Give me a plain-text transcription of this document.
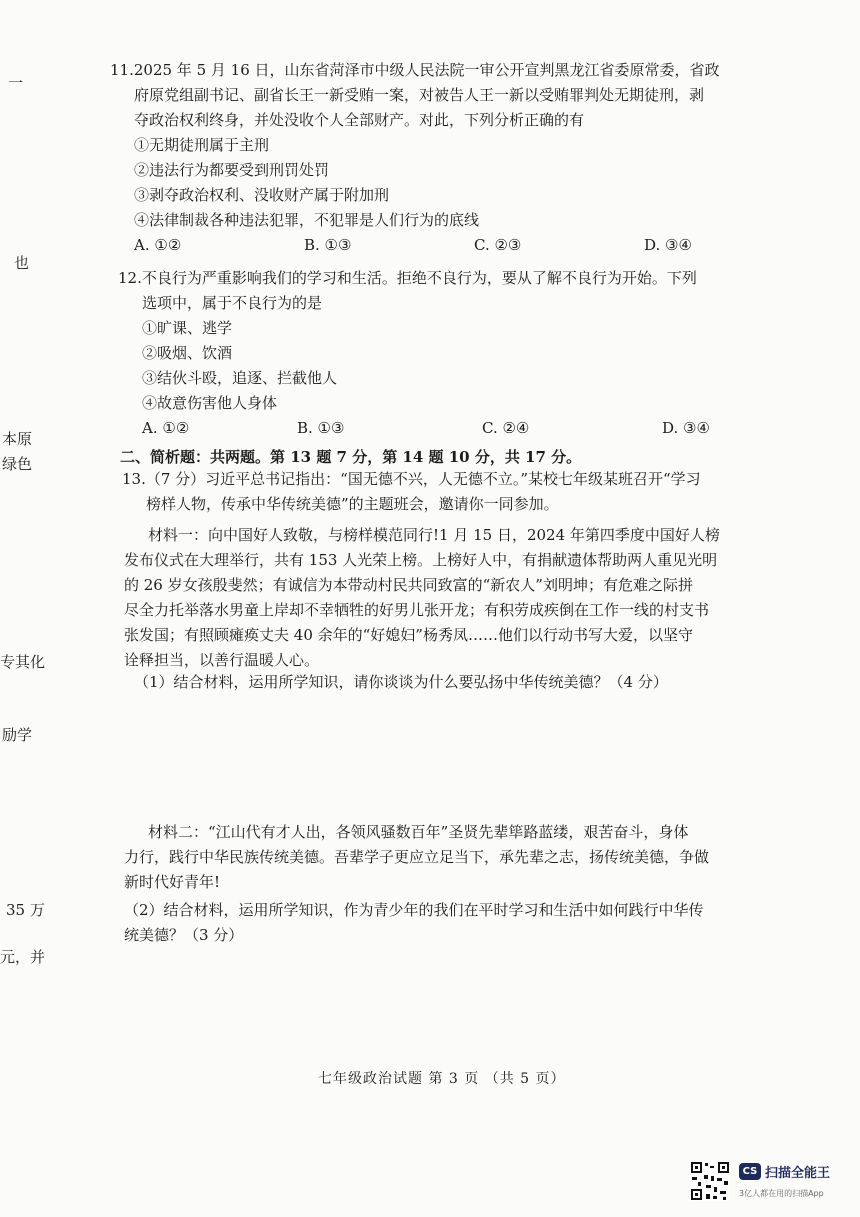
一
也
本原
绿色
专其化
励学
35 万
元，并
11.2025 年 5 月 16 日，山东省菏泽市中级人民法院一审公开宣判黑龙江省委原常委，省政
府原党组副书记、副省长王一新受贿一案，对被告人王一新以受贿罪判处无期徒刑，剥
夺政治权利终身，并处没收个人全部财产。对此，下列分析正确的有
①无期徒刑属于主刑
②违法行为都要受到刑罚处罚
③剥夺政治权利、没收财产属于附加刑
④法律制裁各种违法犯罪，不犯罪是人们行为的底线
A. ①②	B. ①③	C. ②③	D. ③④
12.不良行为严重影响我们的学习和生活。拒绝不良行为，要从了解不良行为开始。下列
选项中，属于不良行为的是
①旷课、逃学
②吸烟、饮酒
③结伙斗殴，追逐、拦截他人
④故意伤害他人身体
A. ①②	B. ①③	C. ②④	D. ③④
二、简析题：共两题。第 13 题 7 分，第 14 题 10 分，共 17 分。
13.（7 分）习近平总书记指出：“国无德不兴，人无德不立。”某校七年级某班召开“学习
榜样人物，传承中华传统美德”的主题班会，邀请你一同参加。
材料一：向中国好人致敬，与榜样模范同行!1 月 15 日，2024 年第四季度中国好人榜
发布仪式在大理举行，共有 153 人光荣上榜。上榜好人中，有捐献遗体帮助两人重见光明
的 26 岁女孩殷斐然；有诚信为本带动村民共同致富的“新农人”刘明坤；有危难之际拼
尽全力托举落水男童上岸却不幸牺牲的好男儿张开龙；有积劳成疾倒在工作一线的村支书
张发国；有照顾瘫痪丈夫 40 余年的“好媳妇”杨秀凤……他们以行动书写大爱，以坚守
诠释担当，以善行温暖人心。
（1）结合材料，运用所学知识，请你谈谈为什么要弘扬中华传统美德？（4 分）
材料二：“江山代有才人出，各领风骚数百年”圣贤先辈筚路蓝缕，艰苦奋斗，身体
力行，践行中华民族传统美德。吾辈学子更应立足当下，承先辈之志，扬传统美德，争做
新时代好青年!
（2）结合材料，运用所学知识，作为青少年的我们在平时学习和生活中如何践行中华传
统美德？（3 分）
七年级政治试题 第 3 页 （共 5 页）
CS 扫描全能王
3亿人都在用的扫描App
